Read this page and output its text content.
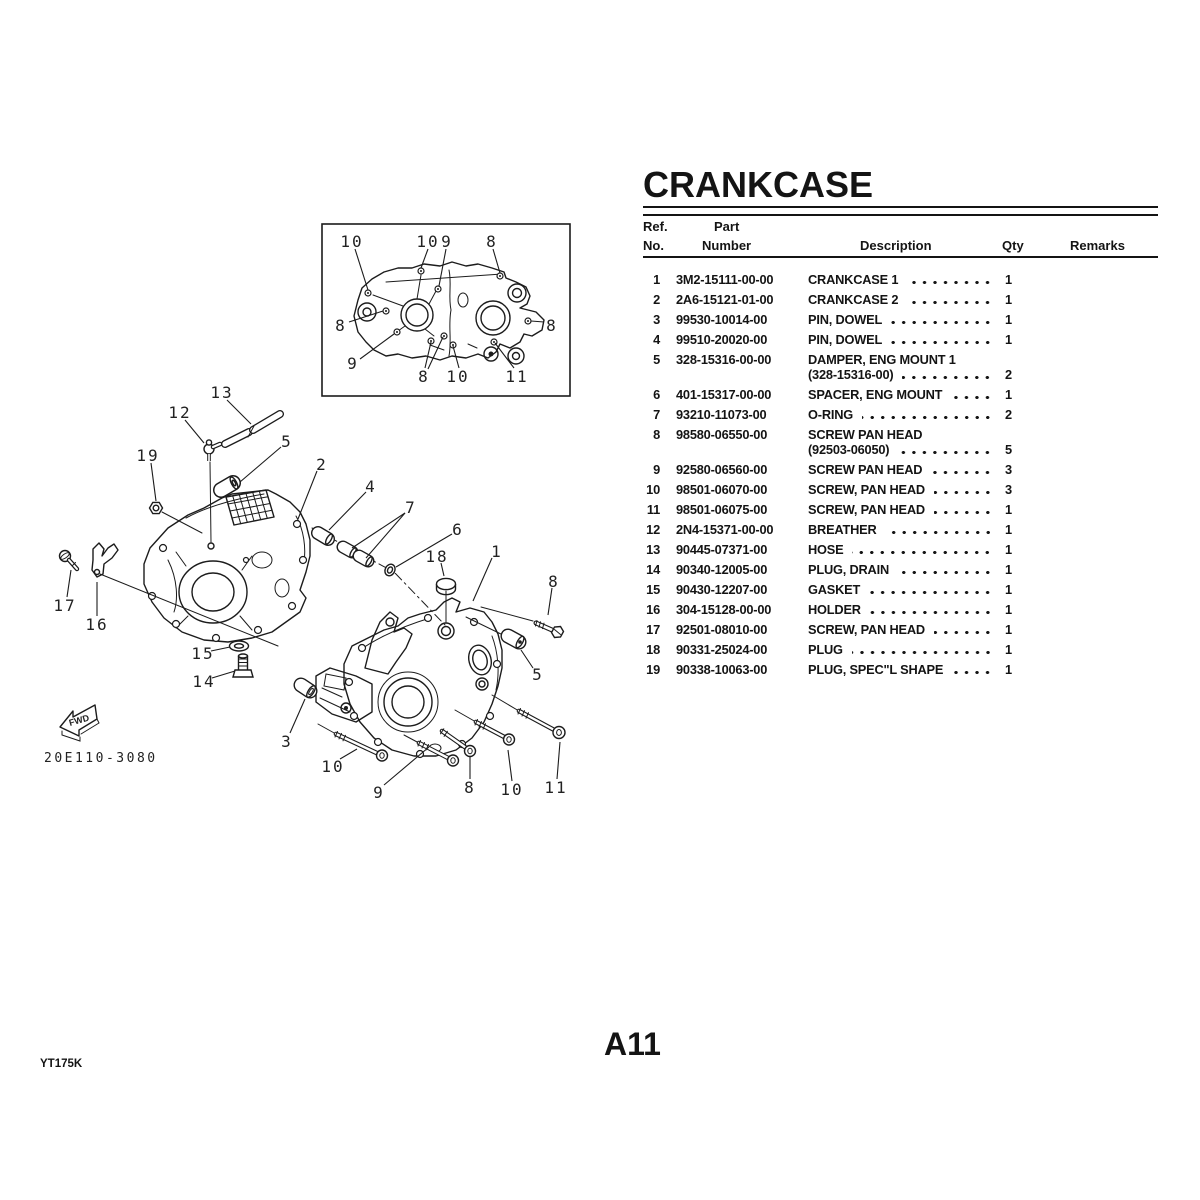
FWD
20E110-3080
10	10 9 8
8	8
9
8 10 11
13
12
19
5
2
4
7
6
18	1
8
5
17
16
15
14
3
10
9	8 10 11
CRANKCASE
Ref.
No.
Part
Number	Description	Qty	Remarks
1 3M2-15111-00-00	CRANKCASE 1	1
2 2A6-15121-01-00	CRANKCASE 2	1
3 99530-10014-00	PIN, DOWEL	1
4 99510-20020-00	PIN, DOWEL	1
5 328-15316-00-00	DAMPER, ENG MOUNT 1
(328-15316-00)	2
6 401-15317-00-00	SPACER, ENG MOUNT	1
7 93210-11073-00	O-RING	2
8 98580-06550-00	SCREW PAN HEAD
(92503-06050)	5
9 92580-06560-00	SCREW PAN HEAD	3
10 98501-06070-00	SCREW, PAN HEAD	3
11 98501-06075-00	SCREW, PAN HEAD	1
12 2N4-15371-00-00	BREATHER	1
13 90445-07371-00	HOSE	1
14 90340-12005-00	PLUG, DRAIN	1
15 90430-12207-00	GASKET	1
16 304-15128-00-00	HOLDER	1
17 92501-08010-00	SCREW, PAN HEAD	1
18 90331-25024-00	PLUG	1
19 90338-10063-00	PLUG, SPEC"L SHAPE	1
YT175K
A11
